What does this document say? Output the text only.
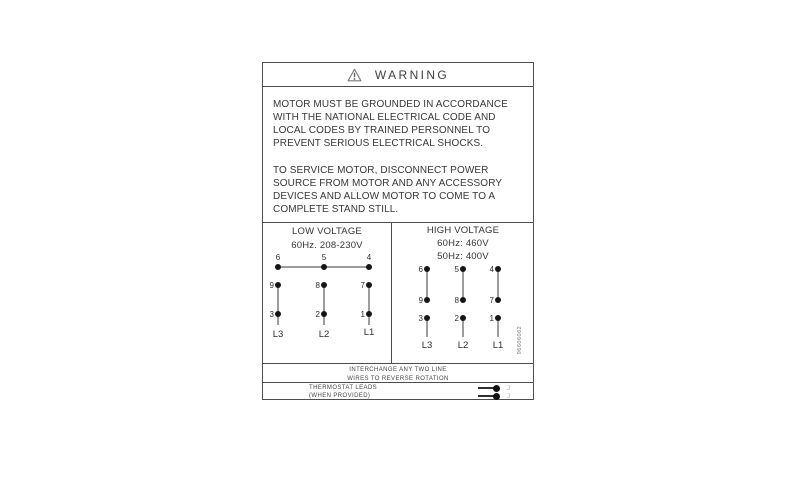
WARNING
MOTOR MUST BE GROUNDED IN ACCORDANCE
WITH THE NATIONAL ELECTRICAL CODE AND
LOCAL CODES BY TRAINED PERSONNEL TO
PREVENT SERIOUS ELECTRICAL SHOCKS.
TO SERVICE MOTOR, DISCONNECT POWER
SOURCE FROM MOTOR AND ANY ACCESSORY
DEVICES AND ALLOW MOTOR TO COME TO A
COMPLETE STAND STILL.
LOW VOLTAGE
60Hz. 208-230V
6	5	4
9	8	7
3	2	1
L3	L2	L1
HIGH VOLTAGE
60Hz: 460V
50Hz: 400V
6	5	4
9	8	7
3	2	1
L3	L2	L1	96606062
INTERCHANGE ANY TWO LINE
WIRES TO REVERSE ROTATION
THERMOSTAT LEADS
(WHEN PROVIDED)
J
J
